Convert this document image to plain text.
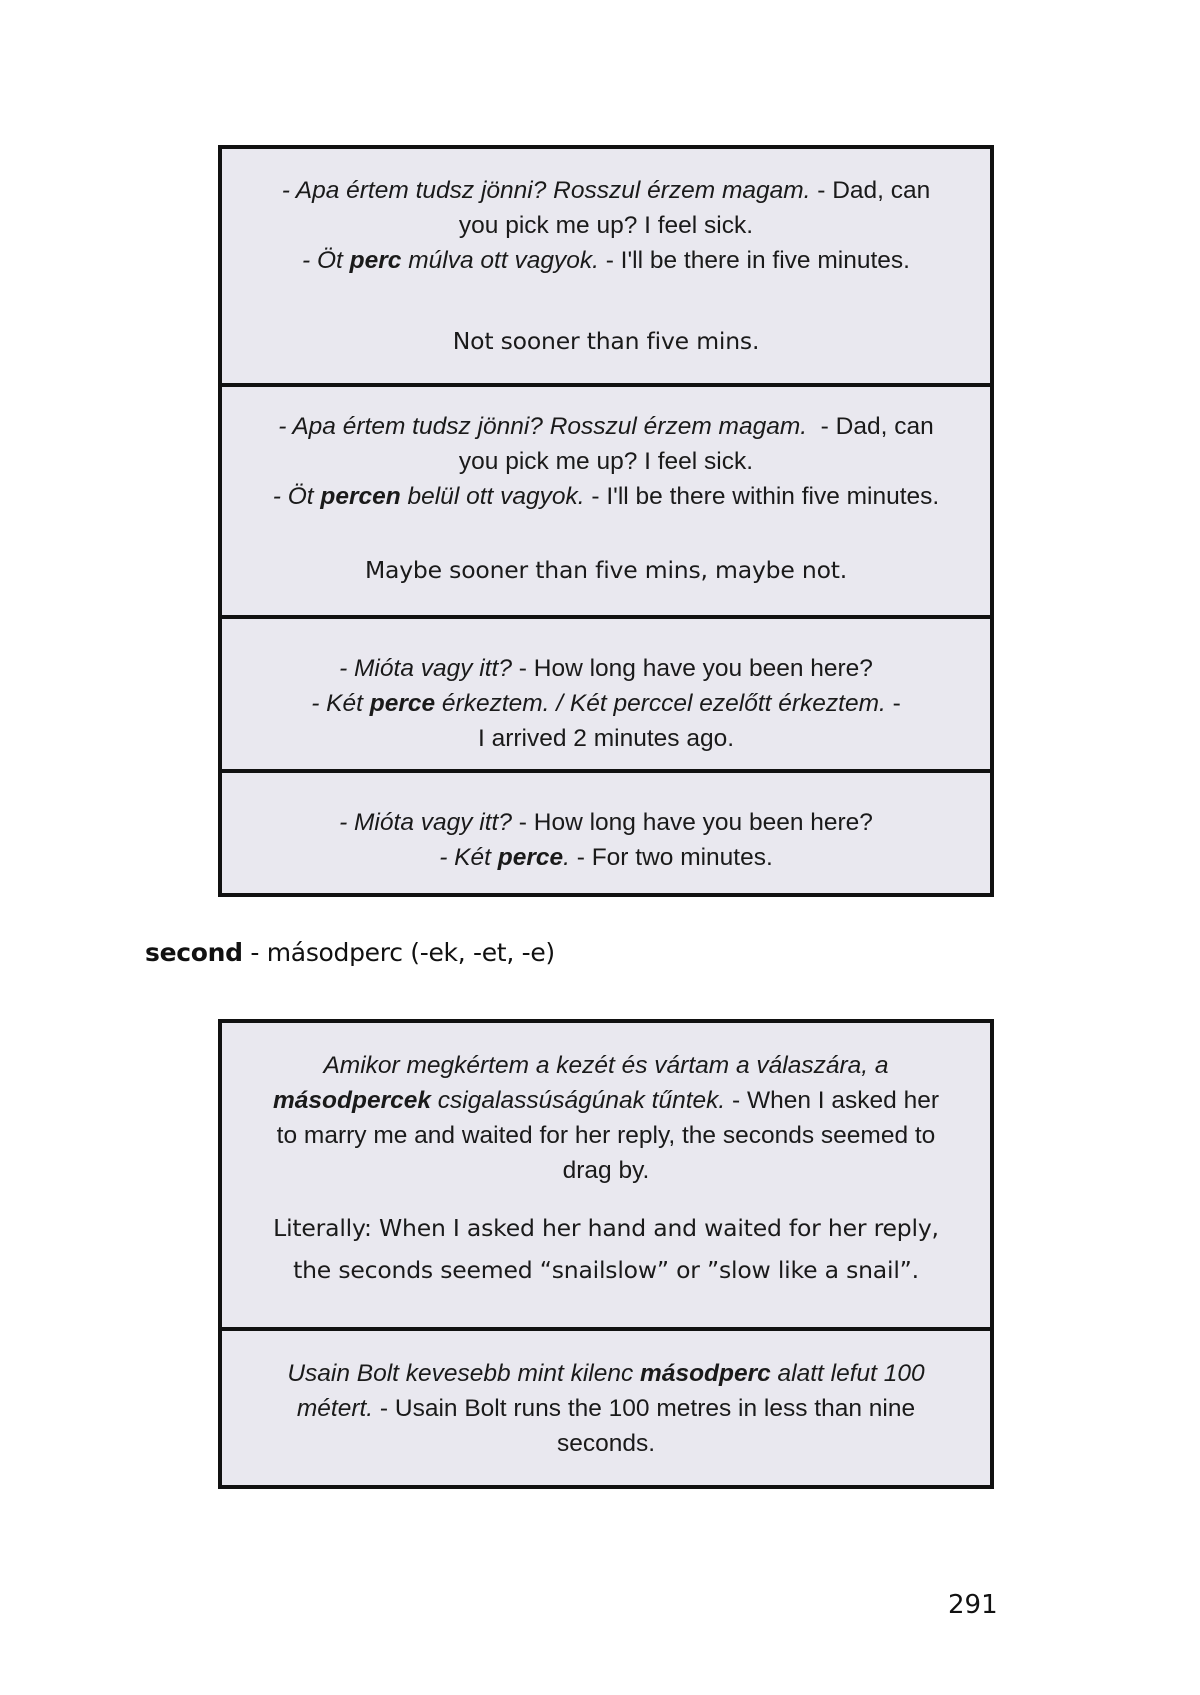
- Apa értem tudsz jönni? Rosszul érzem magam. - Dad, can
you pick me up? I feel sick.
- Öt perc múlva ott vagyok. - I'll be there in five minutes.
Not sooner than five mins.
- Apa értem tudsz jönni? Rosszul érzem magam.  - Dad, can
you pick me up? I feel sick.
- Öt percen belül ott vagyok. - I'll be there within five minutes.
Maybe sooner than five mins, maybe not.
- Mióta vagy itt? - How long have you been here?
- Két perce érkeztem. / Két perccel ezelőtt érkeztem. -
I arrived 2 minutes ago.
- Mióta vagy itt? - How long have you been here?
- Két perce. - For two minutes.
second - másodperc (-ek, -et, -e)
Amikor megkértem a kezét és vártam a válaszára, a
másodpercek csigalassúságúnak tűntek. - When I asked her
to marry me and waited for her reply, the seconds seemed to
drag by.
Literally: When I asked her hand and waited for her reply,
the seconds seemed “snailslow” or ”slow like a snail”.
Usain Bolt kevesebb mint kilenc másodperc alatt lefut 100
métert. - Usain Bolt runs the 100 metres in less than nine
seconds.
291
